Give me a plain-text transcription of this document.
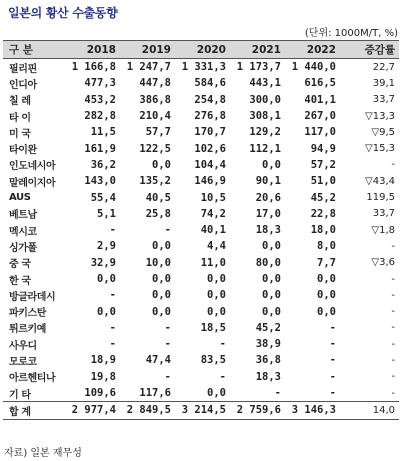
일본의 황산 수출동향
(단위: 1000M/T, %)
구 분	2018	2019	2020	2021	2022	증감률
필리핀	1 166,8	1 247,7	1 331,3	1 173,7	1 440,0	22,7
인디아	477,3	447,8	584,6	443,1	616,5	39,1
칠 레	453,2	386,8	254,8	300,0	401,1	33,7
타 이	282,8	210,4	276,8	308,1	267,0	▽13,3
미 국	11,5	57,7	170,7	129,2	117,0	▽9,5
타이완	161,9	122,5	102,6	112,1	94,9	▽15,3
인도네시아	36,2	0,0	104,4	0,0	57,2	-
말레이지아	143,0	135,2	146,9	90,1	51,0	▽43,4
AUS	55,4	40,5	10,5	20,6	45,2	119,5
베트남	5,1	25,8	74,2	17,0	22,8	33,7
멕시코	-	-	40,1	18,3	18,0	▽1,8
싱가폴	2,9	0,0	4,4	0,0	8,0	-
중 국	32,9	10,0	11,0	80,0	7,7	▽3,6
한 국	0,0	0,0	0,0	0,0	0,0	-
방글라데시	-	0,0	0,0	0,0	0,0	-
파키스탄	0,0	0,0	0,0	0,0	0,0	-
튀르키예	-	-	18,5	45,2	-	-
사우디	-	-	-	38,9	-	-
모로코	18,9	47,4	83,5	36,8	-	-
아르헨티나	19,8	-	-	18,3	-	-
기 타	109,6	117,6	0,0	-	-	-
합 계	2 977,4	2 849,5	3 214,5	2 759,6	3 146,3	14,0
자료) 일본 재무성
